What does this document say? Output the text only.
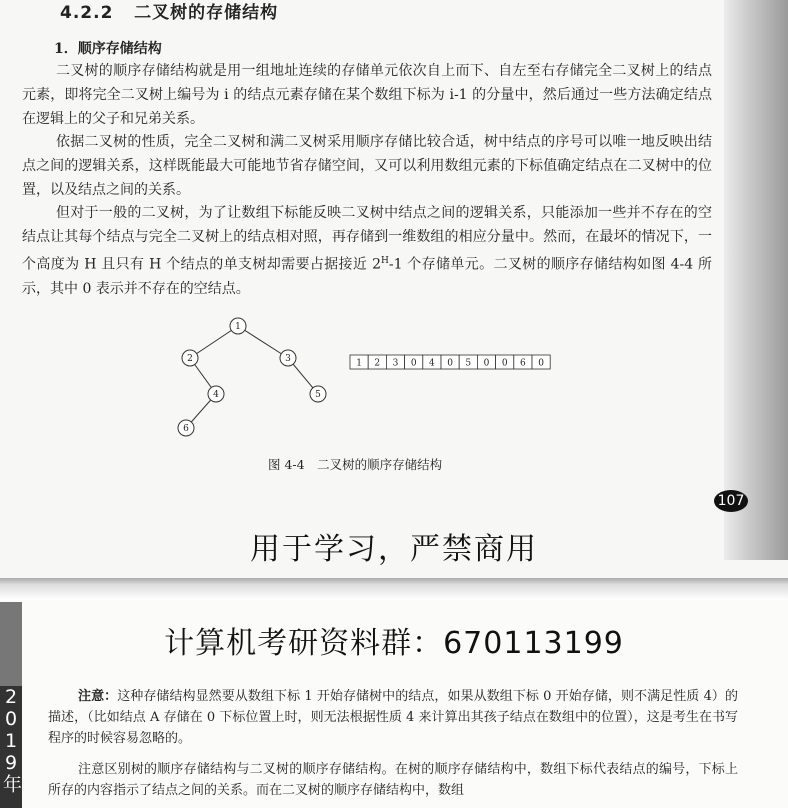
4.2.2 二叉树的存储结构
1．顺序存储结构

二叉树的顺序存储结构就是用一组地址连续的存储单元依次自上而下、自左至右存储完全二叉树上的结点元素，即将完全二叉树上编号为 i 的结点元素存储在某个数组下标为 i-1 的分量中，然后通过一些方法确定结点在逻辑上的父子和兄弟关系。

依据二叉树的性质，完全二叉树和满二叉树采用顺序存储比较合适，树中结点的序号可以唯一地反映出结点之间的逻辑关系，这样既能最大可能地节省存储空间，又可以利用数组元素的下标值确定结点在二叉树中的位置，以及结点之间的关系。

但对于一般的二叉树，为了让数组下标能反映二叉树中结点之间的逻辑关系，只能添加一些并不存在的空结点让其每个结点与完全二叉树上的结点相对照，再存储到一维数组的相应分量中。然而，在最坏的情况下，一个高度为 H 且只有 H 个结点的单支树却需要占据接近 $2^H-1$ 个存储单元。二叉树的顺序存储结构如图 4-4 所示，其中 0 表示并不存在的空结点。

1
2	3
4	5
6
1 2 3 0 4 0 5 0 0 6 0
图 4-4　二叉树的顺序存储结构
107
用于学习，严禁商用
2019年
计算机考研资料群：670113199

注意：这种存储结构显然要从数组下标 1 开始存储树中的结点，如果从数组下标 0 开始存储，则不满足性质 4）的描述，（比如结点 A 存储在 0 下标位置上时，则无法根据性质 4 来计算出其孩子结点在数组中的位置），这是考生在书写程序的时候容易忽略的。

注意区别树的顺序存储结构与二叉树的顺序存储结构。在树的顺序存储结构中，数组下标代表结点的编号，下标上所存的内容指示了结点之间的关系。而在二叉树的顺序存储结构中，数组
